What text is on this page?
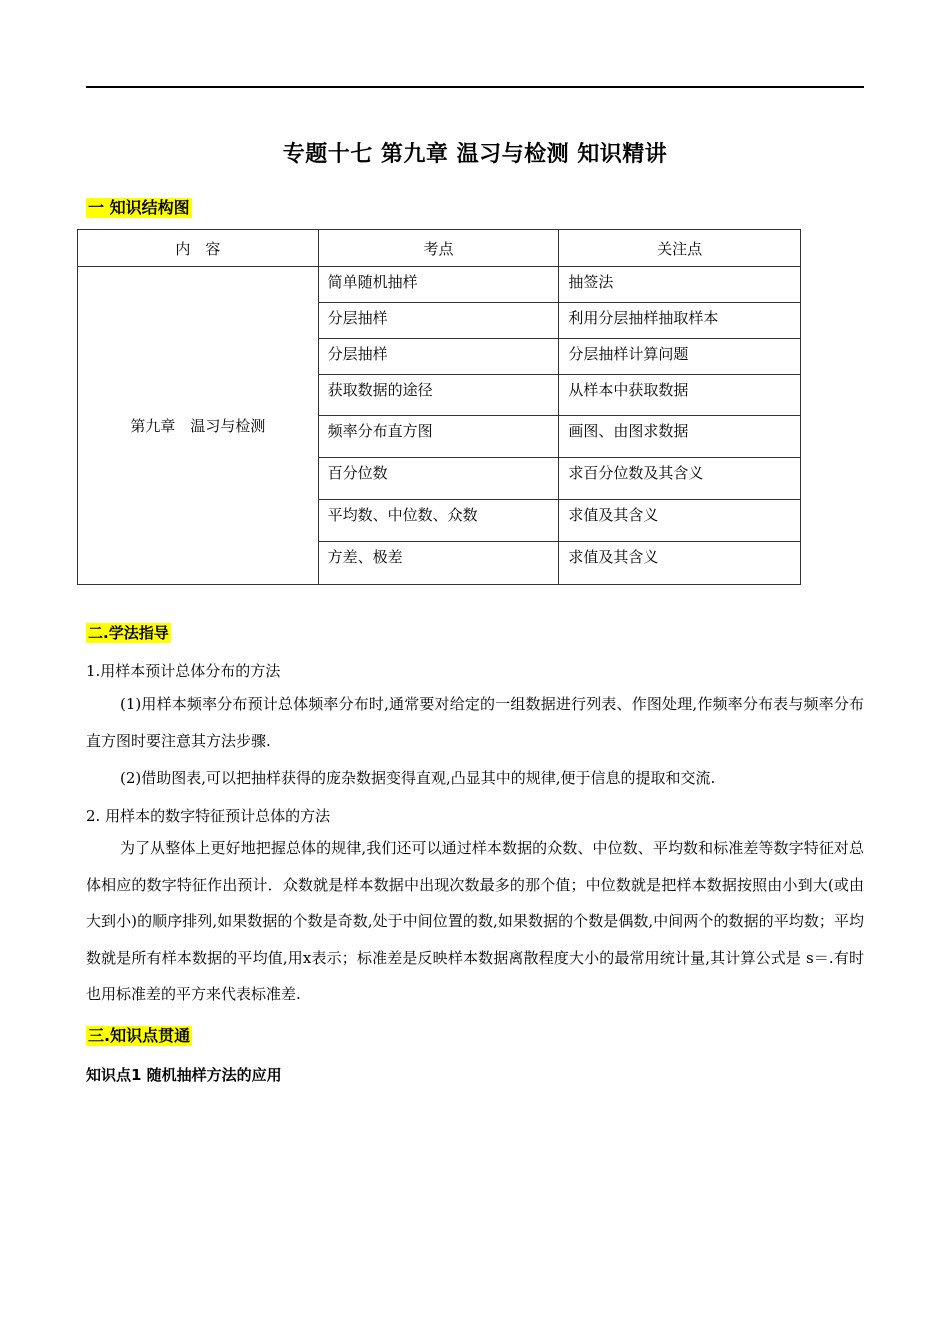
专题十七 第九章 温习与检测 知识精讲
一 知识结构图
内　容	考点	关注点
第九章　温习与检测	简单随机抽样	抽签法
	分层抽样	利用分层抽样抽取样本
	分层抽样	分层抽样计算问题
	获取数据的途径	从样本中获取数据
	频率分布直方图	画图、由图求数据
	百分位数	求百分位数及其含义
	平均数、中位数、众数	求值及其含义
	方差、极差	求值及其含义
二.学法指导
1.用样本预计总体分布的方法
(1)用样本频率分布预计总体频率分布时,通常要对给定的一组数据进行列表、作图处理,作频率分布表与频率分布直方图时要注意其方法步骤.
(2)借助图表,可以把抽样获得的庞杂数据变得直观,凸显其中的规律,便于信息的提取和交流.
2. 用样本的数字特征预计总体的方法
为了从整体上更好地把握总体的规律,我们还可以通过样本数据的众数、中位数、平均数和标准差等数字特征对总体相应的数字特征作出预计．众数就是样本数据中出现次数最多的那个值；中位数就是把样本数据按照由小到大(或由大到小)的顺序排列,如果数据的个数是奇数,处于中间位置的数,如果数据的个数是偶数,中间两个的数据的平均数；平均数就是所有样本数据的平均值,用x表示；标准差是反映样本数据离散程度大小的最常用统计量,其计算公式是 s＝.有时也用标准差的平方来代表标准差.
三.知识点贯通
知识点1 随机抽样方法的应用
